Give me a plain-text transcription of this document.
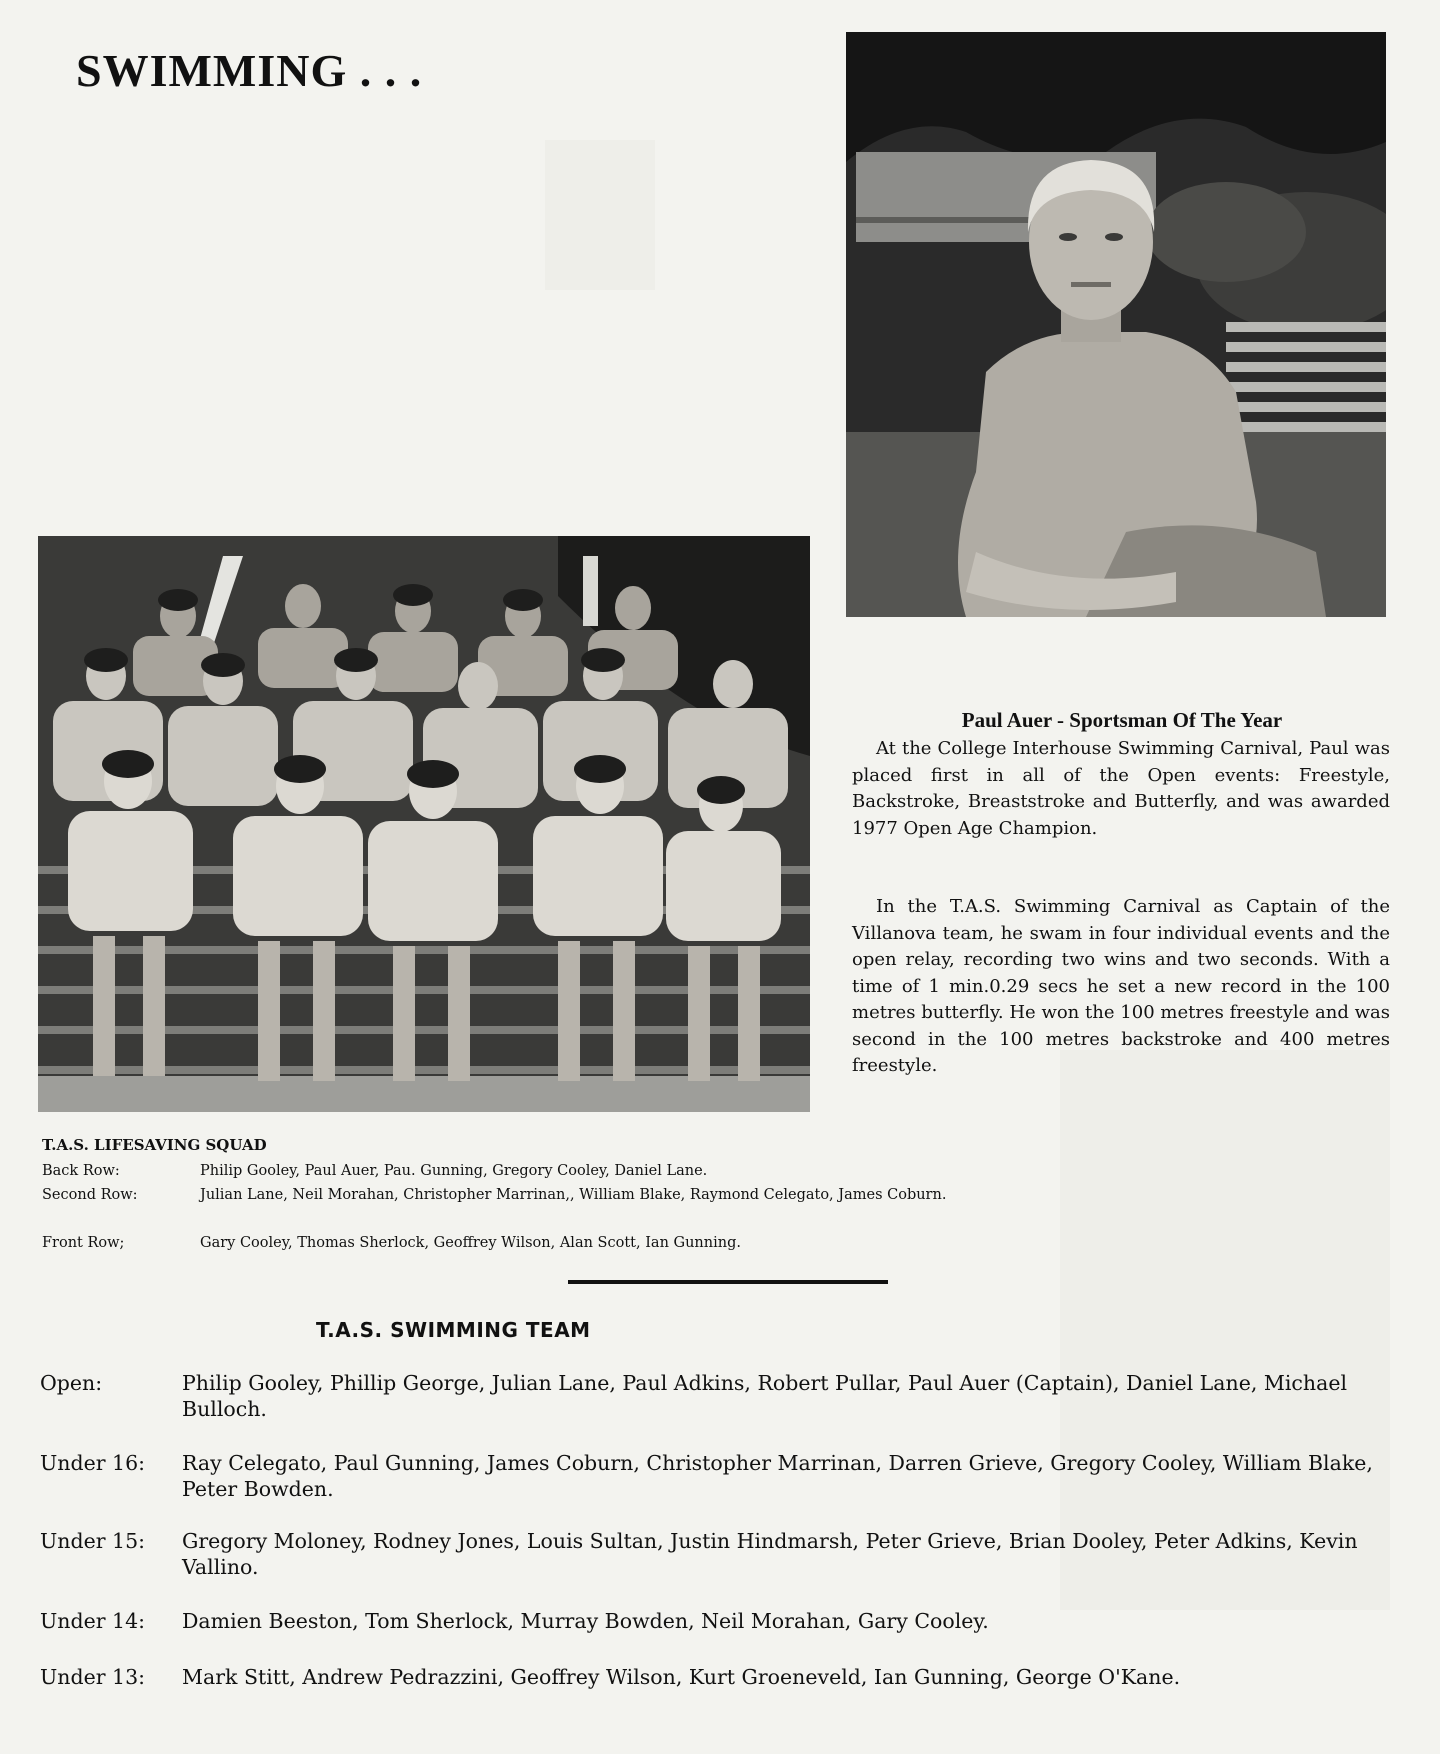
SWIMMING . . .
Paul Auer - Sportsman Of The Year

At the College Interhouse Swimming Carnival, Paul was placed first in all of the Open events: Freestyle, Backstroke, Breaststroke and Butterfly, and was awarded 1977 Open Age Champion.

In the T.A.S. Swimming Carnival as Captain of the Villanova team, he swam in four individual events and the open relay, recording two wins and two seconds. With a time of 1 min.0.29 secs he set a new record in the 100 metres butterfly. He won the 100 metres freestyle and was second in the 100 metres backstroke and 400 metres freestyle.

T.A.S. LIFESAVING SQUAD
Back Row:	Philip Gooley, Paul Auer, Pau. Gunning, Gregory Cooley, Daniel Lane.
Second Row:	Julian Lane, Neil Morahan, Christopher Marrinan,, William Blake, Raymond Celegato, James Coburn.
Front Row;	Gary Cooley, Thomas Sherlock, Geoffrey Wilson, Alan Scott, Ian Gunning.
T.A.S. SWIMMING TEAM
Open:	Philip Gooley, Phillip George, Julian Lane, Paul Adkins, Robert Pullar, Paul Auer (Captain), Daniel Lane, Michael Bulloch.
Under 16:	Ray Celegato, Paul Gunning, James Coburn, Christopher Marrinan, Darren Grieve, Gregory Cooley, William Blake, Peter Bowden.
Under 15:	Gregory Moloney, Rodney Jones, Louis Sultan, Justin Hindmarsh, Peter Grieve, Brian Dooley, Peter Adkins, Kevin Vallino.
Under 14:	Damien Beeston, Tom Sherlock, Murray Bowden, Neil Morahan, Gary Cooley.
Under 13:	Mark Stitt, Andrew Pedrazzini, Geoffrey Wilson, Kurt Groeneveld, Ian Gunning, George O'Kane.
